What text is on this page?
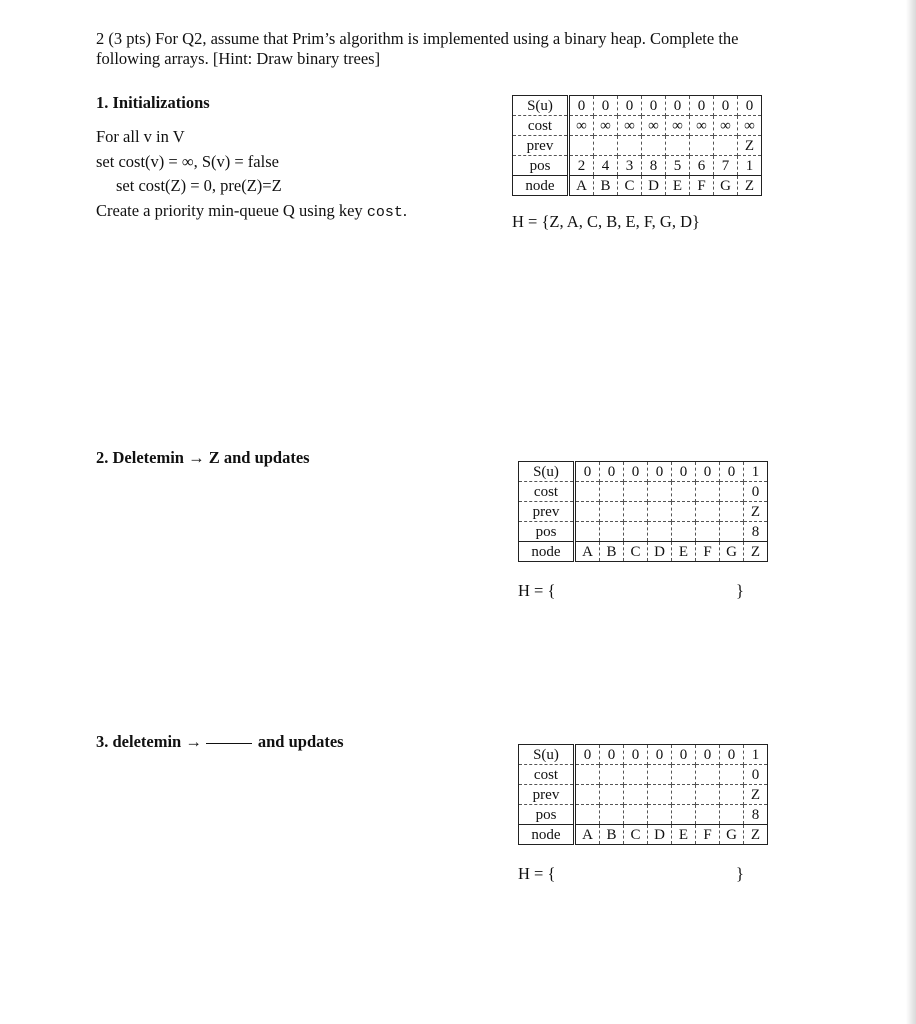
2 (3 pts) For Q2, assume that Prim’s algorithm is implemented using a binary heap. Complete the

following arrays. [Hint: Draw binary trees]

1. Initializations

For all v in V

set cost(v) = ∞, S(v) = false

set cost(Z) = 0, pre(Z)=Z

Create a priority min-queue Q using key cost.

S(u)	0	0	0	0	0	0	0	0
cost	∞	∞	∞	∞	∞	∞	∞	∞
prev								Z
pos	2	4	3	8	5	6	7	1
node	A	B	C	D	E	F	G	Z
H = {Z, A, C, B, E, F, G, D}

2. Deletemin → Z and updates

S(u)	0	0	0	0	0	0	0	1
cost								0
prev								Z
pos								8
node	A	B	C	D	E	F	G	Z
H = {	}

3. deletemin →	and updates

S(u)	0	0	0	0	0	0	0	1
cost								0
prev								Z
pos								8
node	A	B	C	D	E	F	G	Z
H = {	}
